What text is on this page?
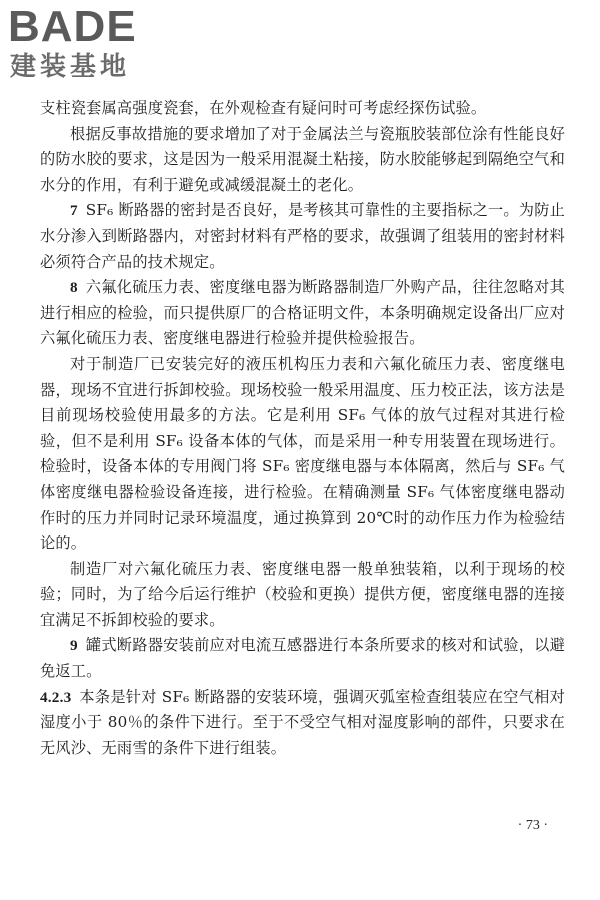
BADE
建装基地

支柱瓷套属高强度瓷套，在外观检查有疑问时可考虑经探伤试验。

根据反事故措施的要求增加了对于金属法兰与瓷瓶胶装部位涂有性能良好的防水胶的要求，这是因为一般采用混凝土粘接，防水胶能够起到隔绝空气和水分的作用，有利于避免或减缓混凝土的老化。

7 SF₆ 断路器的密封是否良好，是考核其可靠性的主要指标之一。为防止水分渗入到断路器内，对密封材料有严格的要求，故强调了组装用的密封材料必须符合产品的技术规定。

8 六氟化硫压力表、密度继电器为断路器制造厂外购产品，往往忽略对其进行相应的检验，而只提供原厂的合格证明文件，本条明确规定设备出厂应对六氟化硫压力表、密度继电器进行检验并提供检验报告。

对于制造厂已安装完好的液压机构压力表和六氟化硫压力表、密度继电器，现场不宜进行拆卸校验。现场校验一般采用温度、压力校正法，该方法是目前现场校验使用最多的方法。它是利用 SF₆ 气体的放气过程对其进行检验，但不是利用 SF₆ 设备本体的气体，而是采用一种专用装置在现场进行。检验时，设备本体的专用阀门将 SF₆ 密度继电器与本体隔离，然后与 SF₆ 气体密度继电器检验设备连接，进行检验。在精确测量 SF₆ 气体密度继电器动作时的压力并同时记录环境温度，通过换算到 20℃时的动作压力作为检验结论的。

制造厂对六氟化硫压力表、密度继电器一般单独装箱，以利于现场的校验；同时，为了给今后运行维护（校验和更换）提供方便，密度继电器的连接宜满足不拆卸校验的要求。

9 罐式断路器安装前应对电流互感器进行本条所要求的核对和试验，以避免返工。

4.2.3 本条是针对 SF₆ 断路器的安装环境，强调灭弧室检查组装应在空气相对湿度小于 80％的条件下进行。至于不受空气相对湿度影响的部件，只要求在无风沙、无雨雪的条件下进行组装。

· 73 ·
